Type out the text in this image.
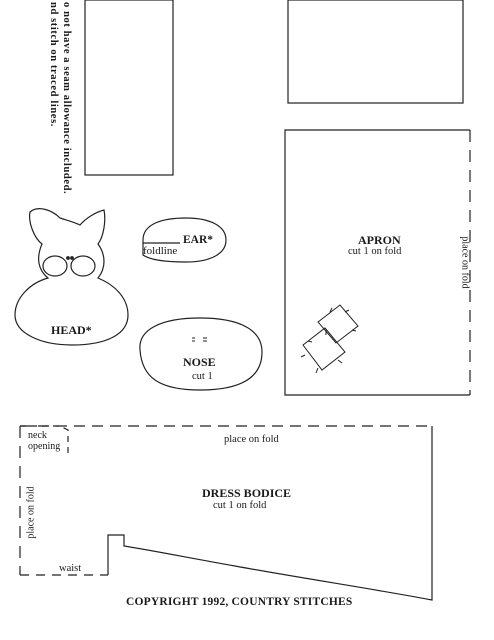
o not have a seam allowance included.
nd stitch on traced lines.
EAR*
foldline
HEAD*
NOSE
cut 1
APRON
cut 1 on fold	place on fold
place on fold
neck
opening
DRESS BODICE
cut 1 on fold
place on fold
waist
COPYRIGHT 1992, COUNTRY STITCHES
